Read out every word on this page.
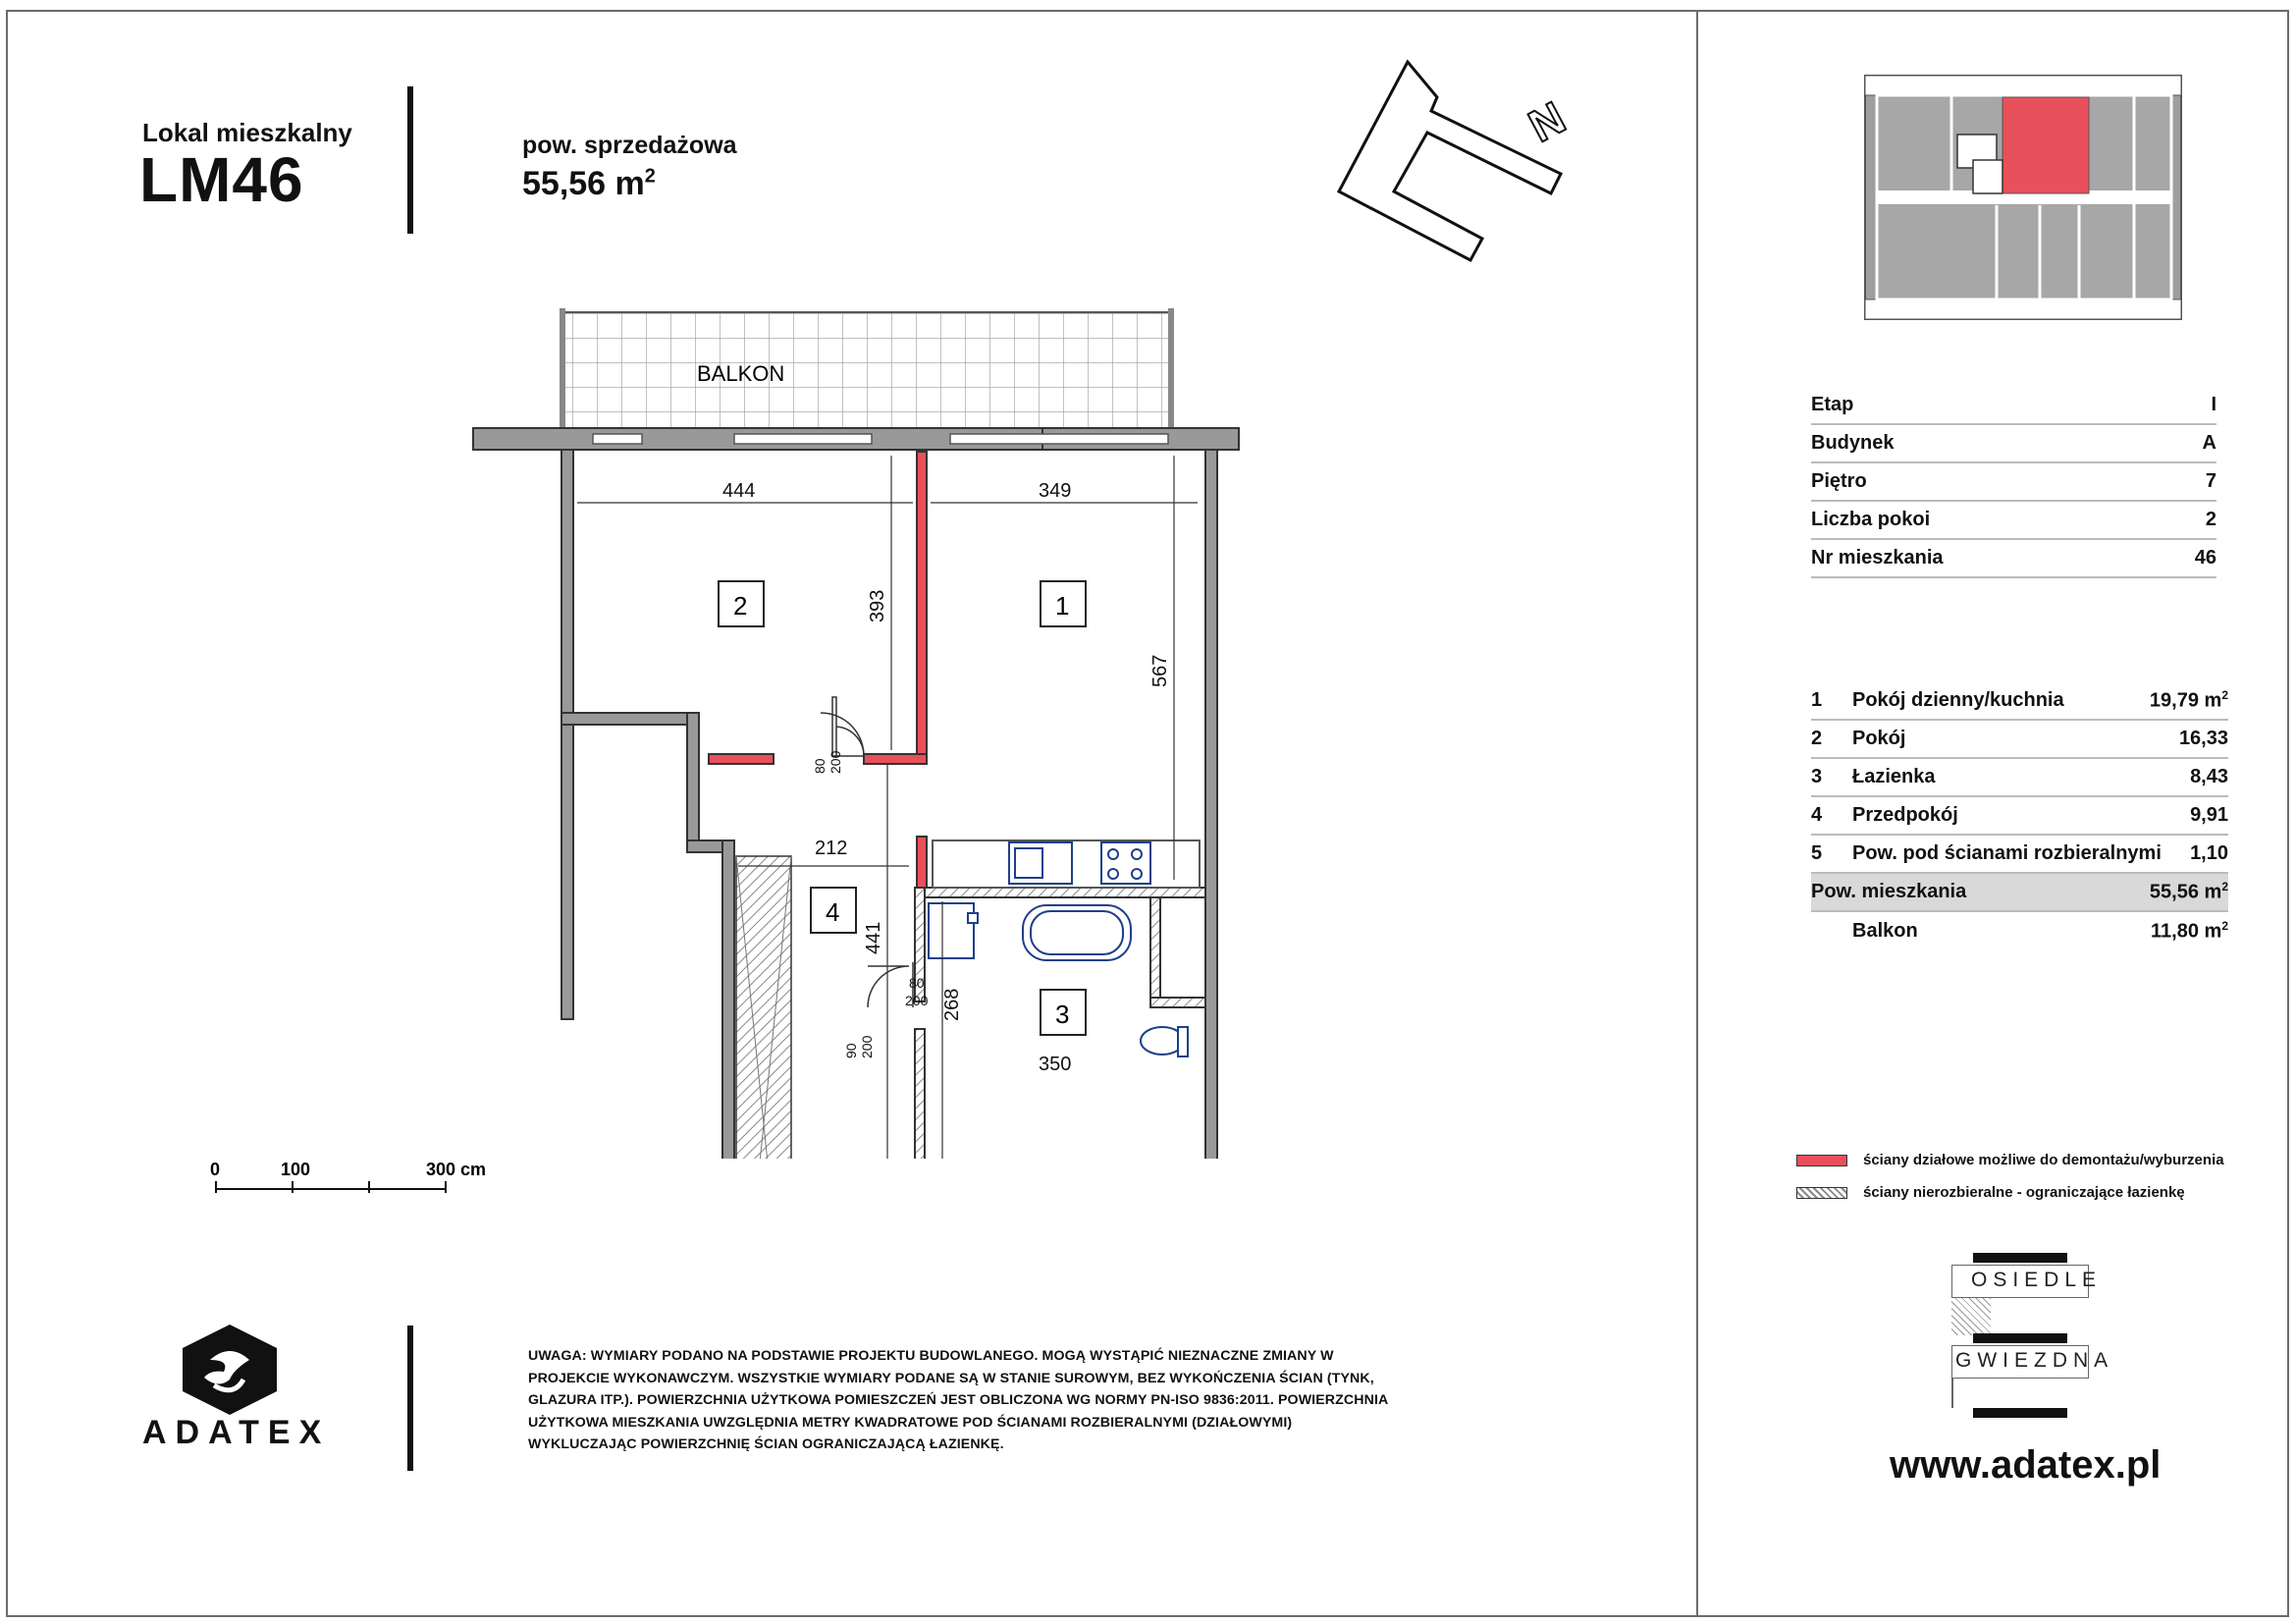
Lokal mieszkalny
LM46	pow. sprzedażowa
55,56 $m^2$
N
BALKON
2	1
4
3
444	349
393
567
212
441
268
350
80 200
80
200
90 200
0	100	300 cm
ADATEX
UWAGA: WYMIARY PODANO NA PODSTAWIE PROJEKTU BUDOWLANEGO. MOGĄ WYSTĄPIĆ NIEZNACZNE ZMIANY W PROJEKCIE WYKONAWCZYM. WSZYSTKIE WYMIARY PODANE SĄ W STANIE SUROWYM, BEZ WYKOŃCZENIA ŚCIAN (TYNK, GLAZURA ITP.). POWIERZCHNIA UŻYTKOWA POMIESZCZEŃ JEST OBLICZONA WG NORMY PN-ISO 9836:2011. POWIERZCHNIA UŻYTKOWA MIESZKANIA UWZGLĘDNIA METRY KWADRATOWE POD ŚCIANAMI ROZBIERALNYMI (DZIAŁOWYMI) WYKLUCZAJĄC POWIERZCHNIĘ ŚCIAN OGRANICZAJĄCĄ ŁAZIENKĘ.
Etap	I
Budynek	A
Piętro	7
Liczba pokoi	2
Nr mieszkania	46
1	Pokój dzienny/kuchnia	19,79 $m^2$
2	Pokój	16,33
3	Łazienka	8,43
4	Przedpokój	9,91
5	Pow. pod ścianami rozbieralnymi	1,10
Pow. mieszkania	55,56 $m^2$
Balkon	11,80 $m^2$
ściany działowe możliwe do demontażu/wyburzenia
ściany nierozbieralne - ograniczające łazienkę
OSIEDLE
GWIEZDNA
www.adatex.pl
